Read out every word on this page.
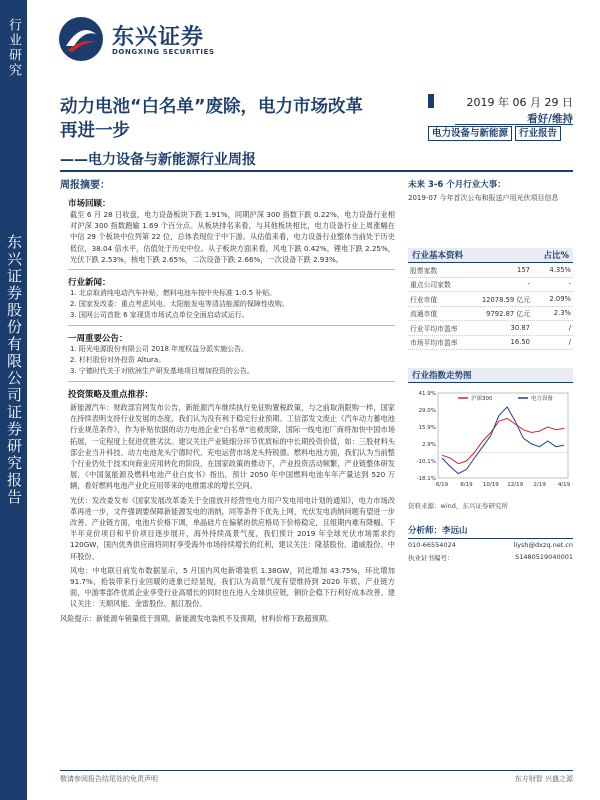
行业研究
东兴证券股份有限公司证券研究报告
东兴证券
DONGXING SECURITIES
动力电池“白名单”废除，电力市场改革再进一步
——电力设备与新能源行业周报
2019 年 06 月 29 日
看好/维持
电力设备与新能源	行业报告
周报摘要：
市场回顾：
截至 6 月 28 日收盘，电力设备板块下跌 1.91%，同期沪深 300 指数下跌 0.22%，电力设备行业相对沪深 300 指数跑输 1.69 个百分点。从板块排名来看，与其他板块相比，电力设备行业上周涨幅在中信 29 个板块中位列第 22 位，总体表现位于中下游。从估值来看，电力设备行业整体当前处于历史低位，38.04 倍水平，估值处于历史中位。从子板块方面来看，风电下跌 0.42%，锂电下跌 2.25%，光伏下跌 2.53%，核电下跌 2.65%，二次设备下跌 2.66%，一次设备下跌 2.93%。
行业新闻：
1. 北京取消纯电动汽车补贴，燃料电池车按中央标准 1:0.5 补贴。
2. 国家发改委：重点考虑风电、太阳能发电等清洁能源的保障性收购。
3. 国网公司首批 6 家现货市场试点单位全面启动试运行。
一周重要公告：
1. 阳光电源股份有限公司 2018 年度权益分派实施公告。
2. 杉杉股份对外投资 Altura。
3. 宁德时代关于对欧洲生产研发基地项目增加投资的公告。
投资策略及重点推荐：
新能源汽车：财政部官网发布公告，新能源汽车继续执行免征购置税政策，与之前取消限购一样，国家在持续表明支持行业发展的态度，我们认为没有利于稳定行业预期。工信部发文废止《汽车动力蓄电池行业规范条件》，作为补贴依据的动力电池企业“白名单”也被废除，国际一线电池厂商将加快中国市场拓展，一定程度上促进优胜劣汰。建议关注产业链细分环节优质标的中长期投资价值，如：三股材料头部企业当升科技、动力电池龙头宁德时代、充电运营市场龙头特锐德。燃料电池方面，我们认为当前整个行业仍处于技术向商业应用转化的阶段，在国家政策的推动下，产业投资活动频繁，产业链整体研发展，《中国氢能源及燃料电池产业白皮书》指出，预计 2050 年中国燃料电池车年产量达到 520 万辆，看好燃料电池产业化应用带来的电推需求的增长空间。
光伏：发改委发布《国家发展改革委关于全面放开经营性电力用户发电用电计划的通知》，电力市场改革再进一步，文件强调要保障新能源发电的消纳，同等条件下优先上网，光伏发电消纳问题有望进一步改善。产业链方面，电池片价格下调，单晶硅片在偏紧的供应格局下价格稳定，且组期内难有降幅。下半年竞价项目和平价项目逐步展开，海外持续高景气度，我们预计 2019 年全球光伏市场需求约 120GW，国内优秀供应商将同时享受海外市场持续增长的红利，建议关注：隆基股份、通威股份、中环股份。
风电：中电联日前发布数据显示，5 月国内风电新增装机 1.38GW，同比增加 43.75%，环比增加 91.7%，抢装带来行业回暖的迹象已经显现，我们认为高景气度有望维持到 2020 年底。产业链方面，中游零部件优质企业享受行业高增长的同时也在进入全球供应链，铜价企稳下行利好成本改善。建议关注：天顺风能、金雷股份、振江股份。
风险提示：新能源车销量低于预期，新能源发电装机不及预期，材料价格下跌超预期。
未来 3-6 个月行业大事：
2019-07 今年首次公布和报送户用光伏项目信息
行业基本资料	占比%
股票家数	157	4.35%
重点公司家数	-	-
行业市值	12078.59 亿元	2.09%
流通市值	9792.87 亿元	2.3%
行业平均市盈率	30.87	/
市场平均市盈率	16.50	/
行业指数走势图
41.9%
29.0%
15.9%
2.9%
-10.1%
-18.1%
6/19 8/19 10/19 12/19 2/19 4/19
沪深300	电力设备
资料来源：wind，东兴证券研究所
分析师：李远山
010-66554024	liysh@dxzq.net.cn
执业证书编号：	S1480519040001
敬请参阅报告结尾处的免责声明	东方财智 兴盛之源
